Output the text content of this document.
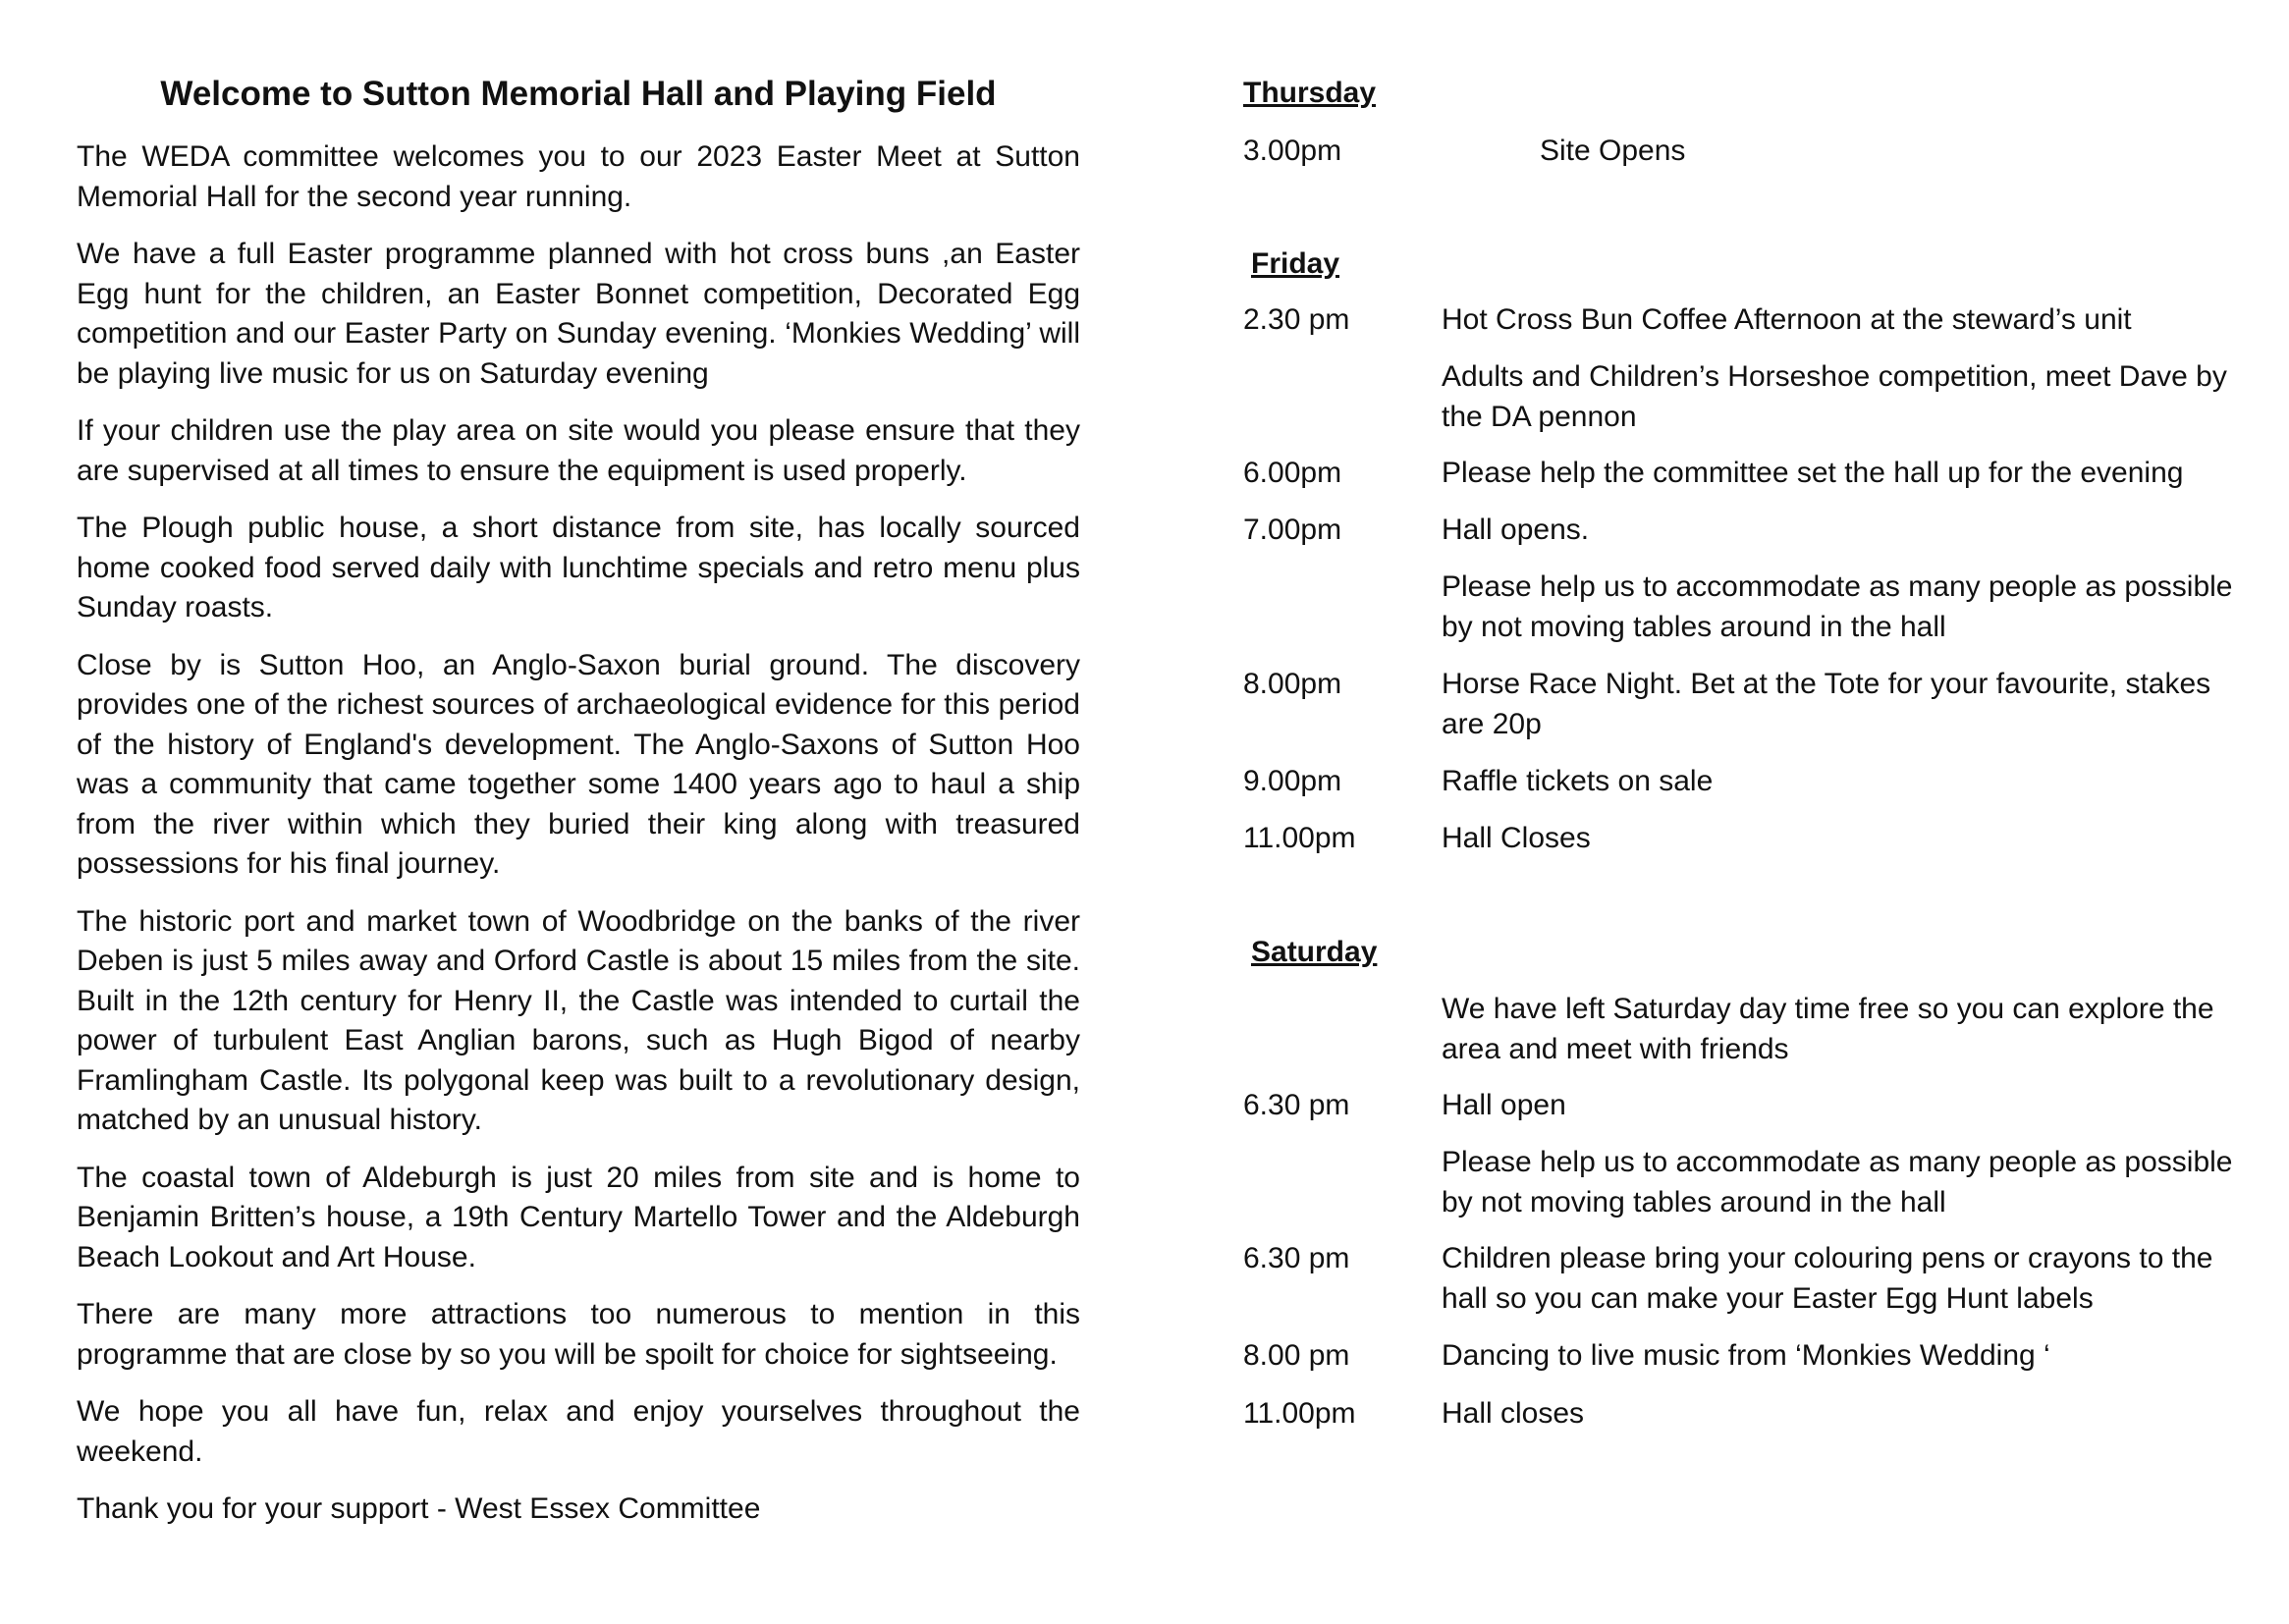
Welcome to Sutton Memorial Hall and Playing Field

The WEDA committee welcomes you to our 2023 Easter Meet at Sutton Memorial Hall for the second year running.

We have a full Easter programme planned with hot cross buns ,an Easter Egg hunt for the children, an Easter Bonnet competition, Decorated Egg competition and our Easter Party on Sunday evening. ‘Monkies Wedding’ will be playing live music for us on Saturday evening

If your children use the play area on site would you please ensure that they are supervised at all times to ensure the equipment is used properly.

The Plough public house, a short distance from site, has locally sourced home cooked food served daily with lunchtime specials and retro menu plus Sunday roasts.

Close by is Sutton Hoo, an Anglo-Saxon burial ground. The discovery provides one of the richest sources of archaeological evidence for this period of the history of England's development. The Anglo-Saxons of Sutton Hoo was a community that came together some 1400 years ago to haul a ship from the river within which they buried their king along with treasured possessions for his final journey.

The historic port and market town of Woodbridge on the banks of the river Deben is just 5 miles away and Orford Castle is about 15 miles from the site. Built in the 12th century for Henry II, the Castle was intended to curtail the power of turbulent East Anglian barons, such as Hugh Bigod of nearby Framlingham Castle. Its polygonal keep was built to a revolutionary design, matched by an unusual history.

The coastal town of Aldeburgh is just 20 miles from site and is home to Benjamin Britten’s house, a 19th Century Martello Tower and the Aldeburgh Beach Lookout and Art House.

There are many more attractions too numerous to mention in this programme that are close by so you will be spoilt for choice for sightseeing.

We hope you all have fun, relax and enjoy yourselves throughout the weekend.

Thank you for your support - West Essex Committee

Thursday
3.00pm	Site Opens
Friday
2.30 pm	Hot Cross Bun Coffee Afternoon at the steward’s unit
Adults and Children’s Horseshoe competition, meet Dave by the DA pennon
6.00pm	Please help the committee set the hall up for the evening
7.00pm	Hall opens.
Please help us to accommodate as many people as possible by not moving tables around in the hall
8.00pm	Horse Race Night. Bet at the Tote for your favourite, stakes are 20p
9.00pm	Raffle tickets on sale
11.00pm	Hall Closes
Saturday
We have left Saturday day time free so you can explore the area and meet with friends
6.30 pm	Hall open
Please help us to accommodate as many people as possible by not moving tables around in the hall
6.30 pm	Children please bring your colouring pens or crayons to the hall so you can make your Easter Egg Hunt labels
8.00 pm	Dancing to live music from ‘Monkies Wedding ‘
11.00pm	Hall closes
